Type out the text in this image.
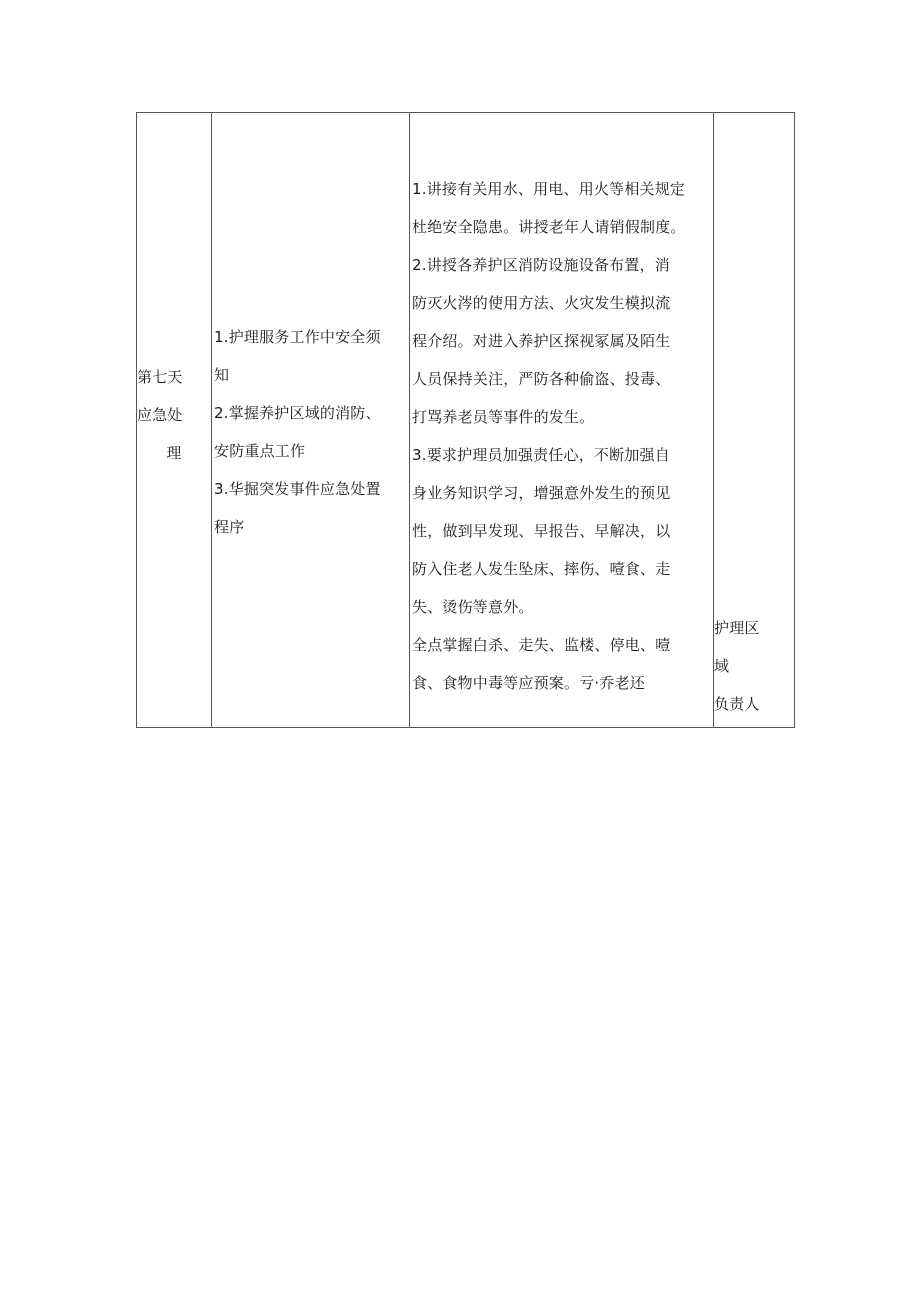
第七天

应急处

理

1.护理服务工作中安全须

知

2.掌握养护区域的消防、

安防重点工作

3.华掘突发事件应急处置

程序

1.讲接有关用水、用电、用火等相关规定

杜绝安全隐患。讲授老年人请销假制度。

2.讲授各养护区消防设施设备布置，消

防灭火涔的使用方法、火灾发生模拟流

程介绍。对进入养护区探视冢属及陌生

人员保持关注，严防各种偷盗、投毒、

打骂养老员等事件的发生。

3.要求护理员加强责任心，不断加强自

身业务知识学习，增强意外发生的预见

性，做到早发现、早报告、早解决，以

防入住老人发生坠床、摔伤、噎食、走

失、烫伤等意外。

全点掌握白杀、走失、监楼、停电、噎

食、食物中毒等应预案。亏·乔老还

护理区

域

负责人
